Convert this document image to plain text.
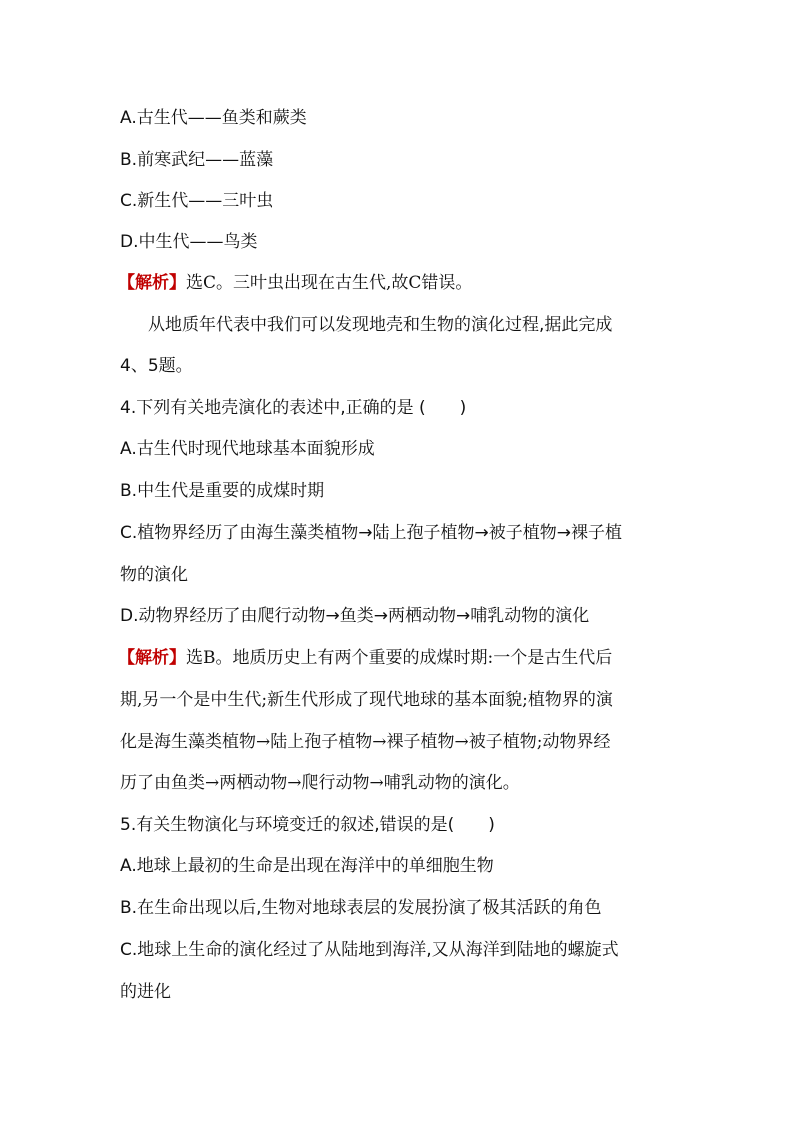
A.古生代——鱼类和蕨类
B.前寒武纪——蓝藻
C.新生代——三叶虫
D.中生代——鸟类
【解析】选C。三叶虫出现在古生代,故C错误。
从地质年代表中我们可以发现地壳和生物的演化过程,据此完成
4、5题。
4.下列有关地壳演化的表述中,正确的是 (　　)
A.古生代时现代地球基本面貌形成
B.中生代是重要的成煤时期
C.植物界经历了由海生藻类植物→陆上孢子植物→被子植物→裸子植
物的演化
D.动物界经历了由爬行动物→鱼类→两栖动物→哺乳动物的演化
【解析】选B。地质历史上有两个重要的成煤时期:一个是古生代后
期,另一个是中生代;新生代形成了现代地球的基本面貌;植物界的演
化是海生藻类植物→陆上孢子植物→裸子植物→被子植物;动物界经
历了由鱼类→两栖动物→爬行动物→哺乳动物的演化。
5.有关生物演化与环境变迁的叙述,错误的是(　　)
A.地球上最初的生命是出现在海洋中的单细胞生物
B.在生命出现以后,生物对地球表层的发展扮演了极其活跃的角色
C.地球上生命的演化经过了从陆地到海洋,又从海洋到陆地的螺旋式
的进化
